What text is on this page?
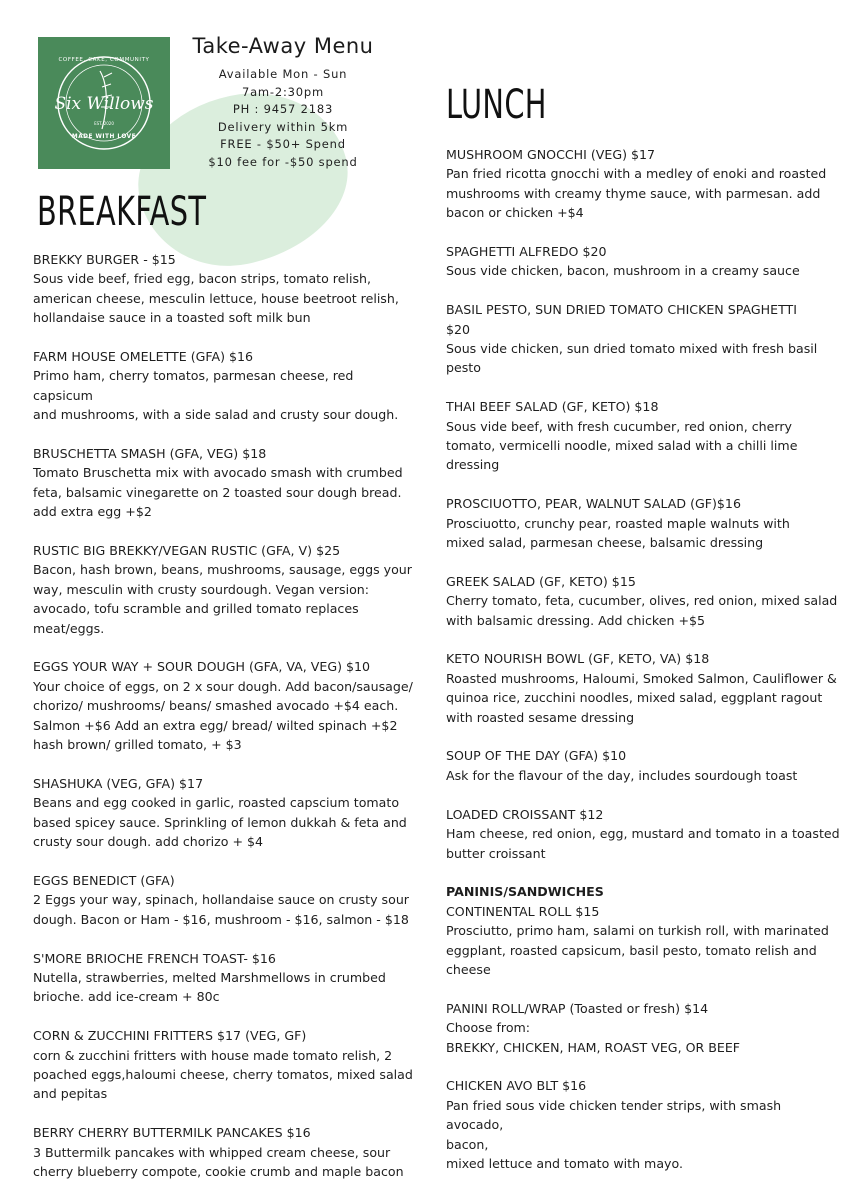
Six Willows
COFFEE, CAKE, COMMUNITY
EST. 2020
MADE WITH LOVE
Take-Away Menu
Available Mon - Sun
7am-2:30pm
PH : 9457 2183
Delivery within 5km
FREE - $50+ Spend
$10 fee for -$50 spend
BREAKFAST
LUNCH
BREKKY BURGER - $15
Sous vide beef, fried egg, bacon strips, tomato relish,
american cheese, mesculin lettuce, house beetroot relish,
hollandaise sauce in a toasted soft milk bun
FARM HOUSE OMELETTE (GFA) $16
Primo ham, cherry tomatos, parmesan cheese, red capsicum
and mushrooms, with a side salad and crusty sour dough.
BRUSCHETTA SMASH (GFA, VEG) $18
Tomato Bruschetta mix with avocado smash with crumbed
feta, balsamic vinegarette on 2 toasted sour dough bread.
add extra egg +$2
RUSTIC BIG BREKKY/VEGAN RUSTIC (GFA, V) $25
Bacon, hash brown, beans, mushrooms, sausage, eggs your
way, mesculin with crusty sourdough. Vegan version:
avocado, tofu scramble and grilled tomato replaces
meat/eggs.
EGGS YOUR WAY + SOUR DOUGH (GFA, VA, VEG) $10
Your choice of eggs, on 2 x sour dough. Add bacon/sausage/
chorizo/ mushrooms/ beans/ smashed avocado +$4 each.
Salmon +$6 Add an extra egg/ bread/ wilted spinach +$2
hash brown/ grilled tomato, + $3
SHASHUKA (VEG, GFA) $17
Beans and egg cooked in garlic, roasted capscium tomato
based spicey sauce. Sprinkling of lemon dukkah & feta and
crusty sour dough. add chorizo + $4
EGGS BENEDICT (GFA)
2 Eggs your way, spinach, hollandaise sauce on crusty sour
dough. Bacon or Ham - $16, mushroom - $16, salmon - $18
S'MORE BRIOCHE FRENCH TOAST- $16
Nutella, strawberries, melted Marshmellows in crumbed
brioche. add ice-cream + 80c
CORN & ZUCCHINI FRITTERS $17 (VEG, GF)
corn & zucchini fritters with house made tomato relish, 2
poached eggs,haloumi cheese, cherry tomatos, mixed salad
and pepitas
BERRY CHERRY BUTTERMILK PANCAKES $16
3 Buttermilk pancakes with whipped cream cheese, sour
cherry blueberry compote, cookie crumb and maple bacon
MUSHROOM GNOCCHI (VEG) $17
Pan fried ricotta gnocchi with a medley of enoki and roasted
mushrooms with creamy thyme sauce, with parmesan. add
bacon or chicken +$4
SPAGHETTI ALFREDO $20
Sous vide chicken, bacon, mushroom in a creamy sauce
BASIL PESTO, SUN DRIED TOMATO CHICKEN SPAGHETTI
$20
Sous vide chicken, sun dried tomato mixed with fresh basil
pesto
THAI BEEF SALAD (GF, KETO) $18
Sous vide beef, with fresh cucumber, red onion, cherry
tomato, vermicelli noodle, mixed salad with a chilli lime
dressing
PROSCIUOTTO, PEAR, WALNUT SALAD (GF)$16
Prosciuotto, crunchy pear, roasted maple walnuts with
mixed salad, parmesan cheese, balsamic dressing
GREEK SALAD (GF, KETO) $15
Cherry tomato, feta, cucumber, olives, red onion, mixed salad
with balsamic dressing. Add chicken +$5
KETO NOURISH BOWL (GF, KETO, VA) $18
Roasted mushrooms, Haloumi, Smoked Salmon, Cauliflower &
quinoa rice, zucchini noodles, mixed salad, eggplant ragout
with roasted sesame dressing
SOUP OF THE DAY (GFA) $10
Ask for the flavour of the day, includes sourdough toast
LOADED CROISSANT $12
Ham cheese, red onion, egg, mustard and tomato in a toasted
butter croissant
PANINIS/SANDWICHES
CONTINENTAL ROLL $15
Prosciutto, primo ham, salami on turkish roll, with marinated
eggplant, roasted capsicum, basil pesto, tomato relish and
cheese
PANINI ROLL/WRAP (Toasted or fresh) $14
Choose from:
BREKKY, CHICKEN, HAM, ROAST VEG, OR BEEF
CHICKEN AVO BLT $16
Pan fried sous vide chicken tender strips, with smash avocado,
bacon,
mixed lettuce and tomato with mayo.
